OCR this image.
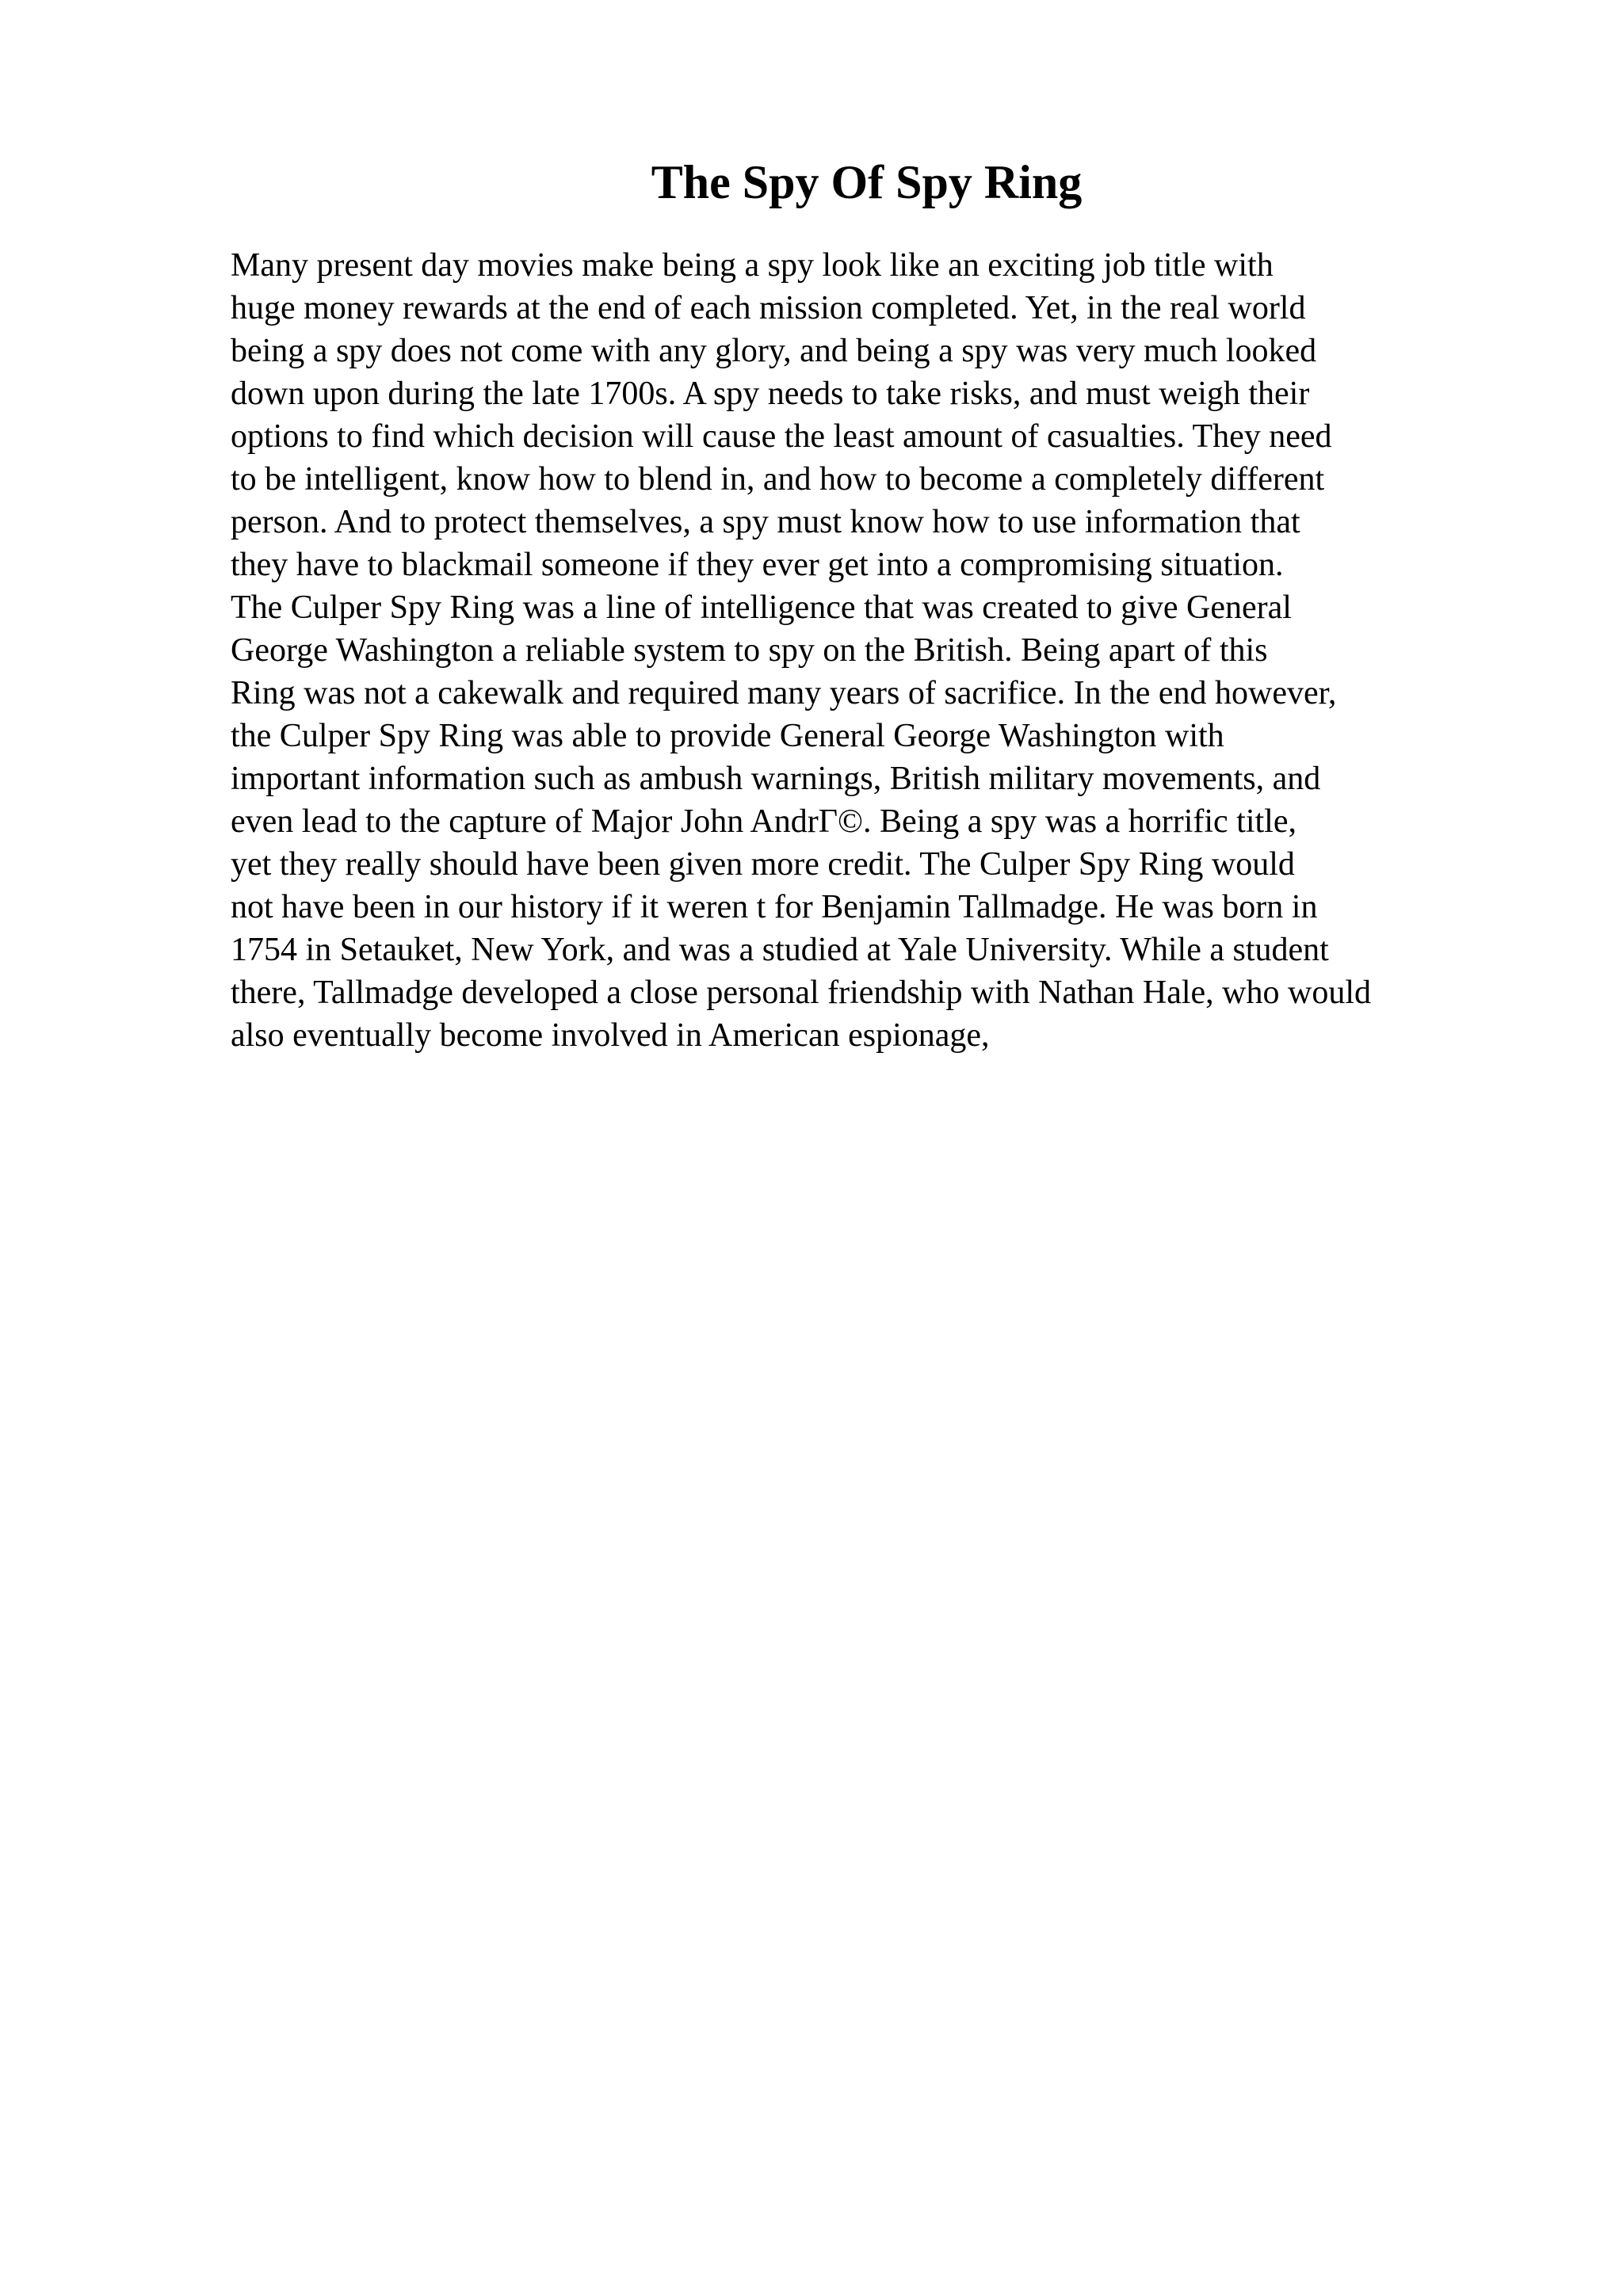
The Spy Of Spy Ring
Many present day movies make being a spy look like an exciting job title with
huge money rewards at the end of each mission completed. Yet, in the real world
being a spy does not come with any glory, and being a spy was very much looked
down upon during the late 1700s. A spy needs to take risks, and must weigh their
options to find which decision will cause the least amount of casualties. They need
to be intelligent, know how to blend in, and how to become a completely different
person. And to protect themselves, a spy must know how to use information that
they have to blackmail someone if they ever get into a compromising situation.
The Culper Spy Ring was a line of intelligence that was created to give General
George Washington a reliable system to spy on the British. Being apart of this
Ring was not a cakewalk and required many years of sacrifice. In the end however,
the Culper Spy Ring was able to provide General George Washington with
important information such as ambush warnings, British military movements, and
even lead to the capture of Major John AndrГ©. Being a spy was a horrific title,
yet they really should have been given more credit. The Culper Spy Ring would
not have been in our history if it weren t for Benjamin Tallmadge. He was born in
1754 in Setauket, New York, and was a studied at Yale University. While a student
there, Tallmadge developed a close personal friendship with Nathan Hale, who would
also eventually become involved in American espionage,
